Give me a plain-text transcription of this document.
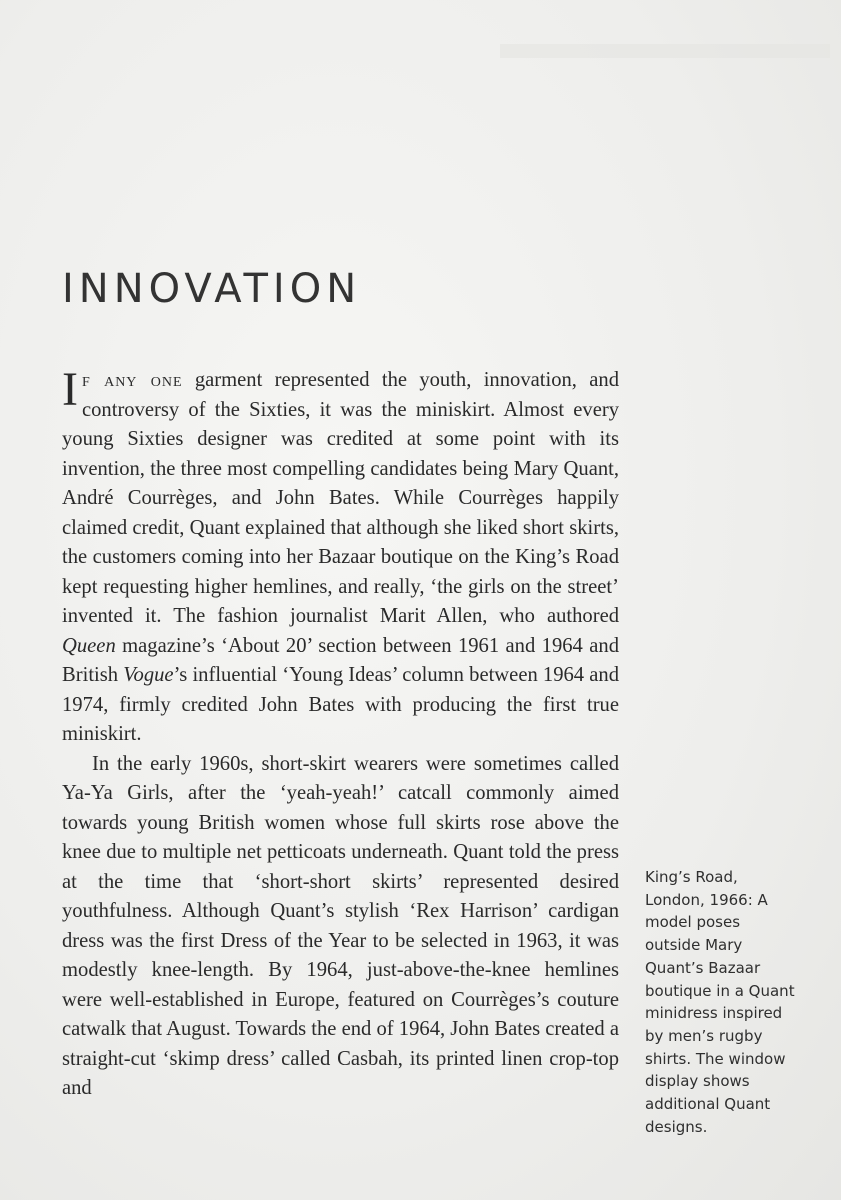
INNOVATION

If any one garment represented the youth, innovation, and controversy of the Sixties, it was the miniskirt. Almost every young Sixties designer was credited at some point with its invention, the three most compelling candidates being Mary Quant, André Courrèges, and John Bates. While Courrèges happily claimed credit, Quant explained that although she liked short skirts, the customers coming into her Bazaar boutique on the King’s Road kept requesting higher hemlines, and really, ‘the girls on the street’ invented it. The fashion journalist Marit Allen, who authored Queen magazine’s ‘About 20’ section between 1961 and 1964 and British Vogue’s influential ‘Young Ideas’ column between 1964 and 1974, firmly credited John Bates with producing the first true miniskirt.

In the early 1960s, short-skirt wearers were sometimes called Ya-Ya Girls, after the ‘yeah-yeah!’ catcall commonly aimed towards young British women whose full skirts rose above the knee due to multiple net petticoats underneath. Quant told the press at the time that ‘short-short skirts’ represented desired youthfulness. Although Quant’s stylish ‘Rex Harrison’ cardigan dress was the first Dress of the Year to be selected in 1963, it was modestly knee-length. By 1964, just-above-the-knee hemlines were well-established in Europe, featured on Courrèges’s couture catwalk that August. Towards the end of 1964, John Bates created a straight-cut ‘skimp dress’ called Casbah, its printed linen crop-top and

King’s Road, London, 1966: A model poses outside Mary Quant’s Bazaar boutique in a Quant minidress inspired by men’s rugby shirts. The window display shows additional Quant designs.
